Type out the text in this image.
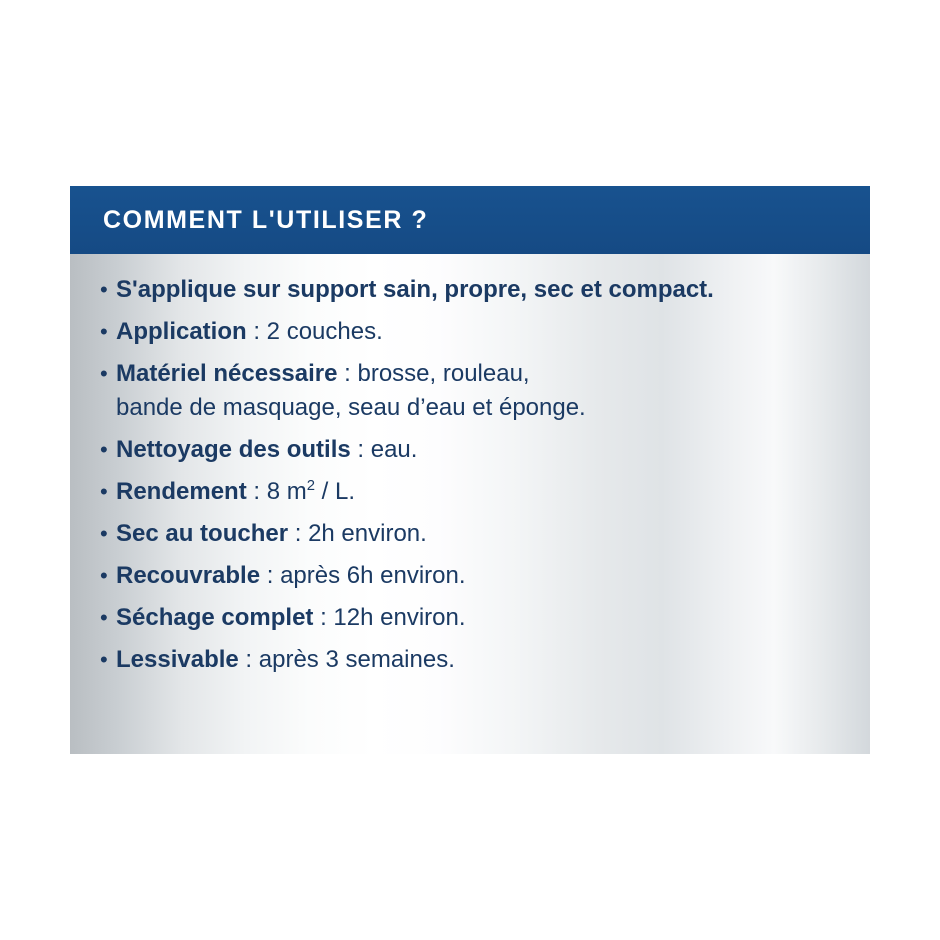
COMMENT L'UTILISER ?
• S'applique sur support sain, propre, sec et compact.
• Application : 2 couches.
• Matériel nécessaire : brosse, rouleau,
bande de masquage, seau d’eau et éponge.
• Nettoyage des outils : eau.
• Rendement : 8 $m^2$ / L.
• Sec au toucher : 2h environ.
• Recouvrable : après 6h environ.
• Séchage complet : 12h environ.
• Lessivable : après 3 semaines.
